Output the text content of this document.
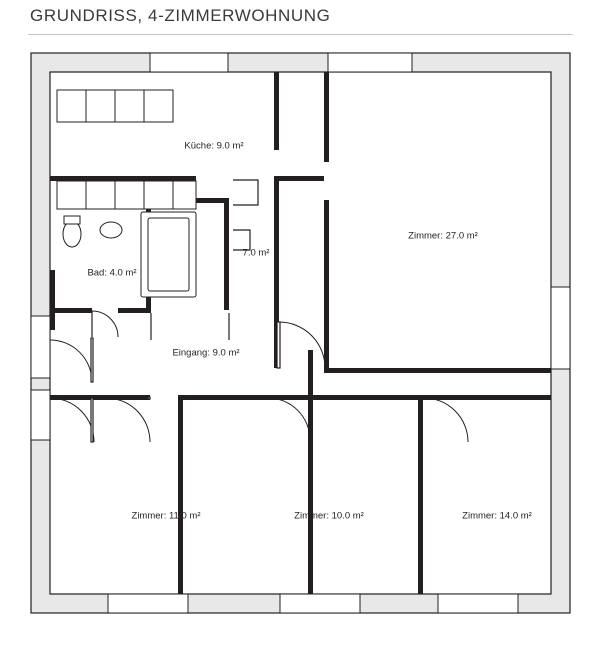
GRUNDRISS, 4-ZIMMERWOHNUNG
Küche: 9.0 m²
Bad: 4.0 m²
7.0 m²
Eingang: 9.0 m²
Zimmer: 27.0 m²
Zimmer: 11.0 m²	Zimmer: 10.0 m²	Zimmer: 14.0 m²
